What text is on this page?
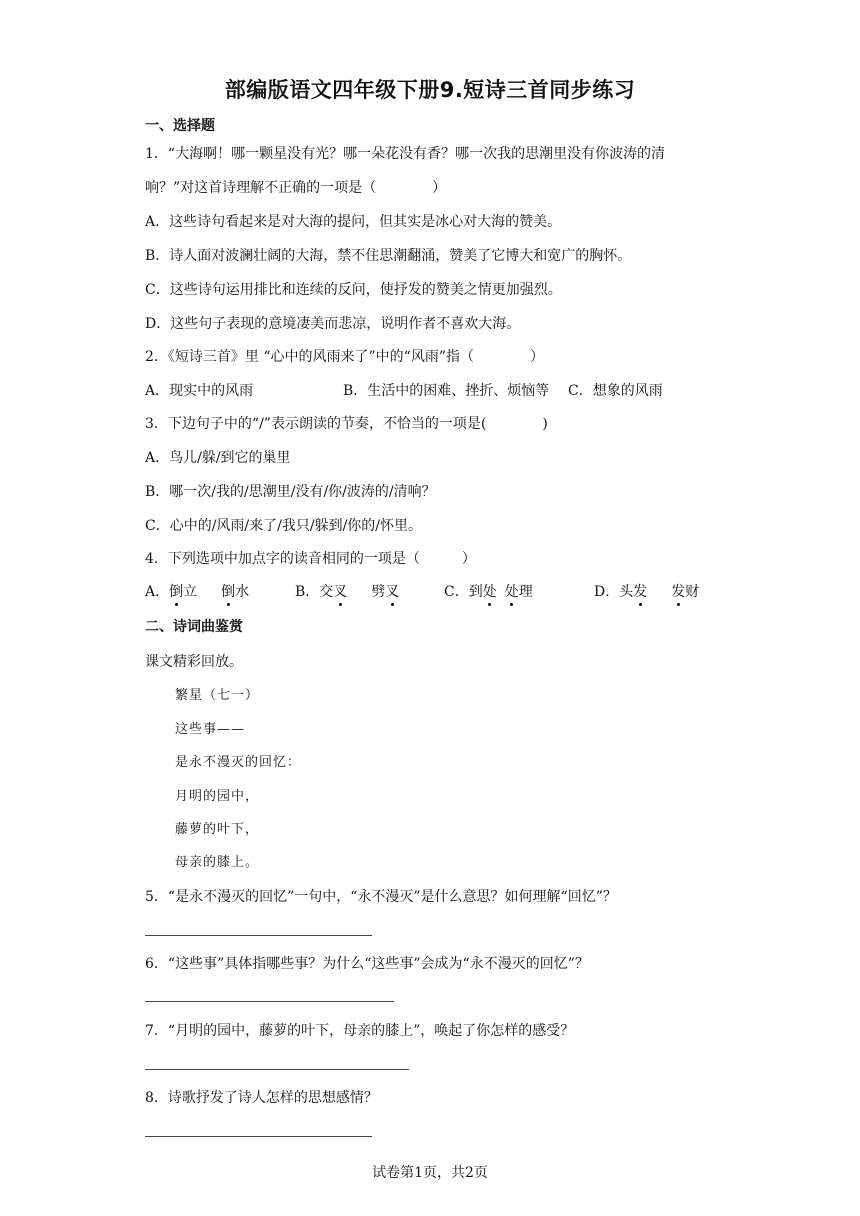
部编版语文四年级下册9.短诗三首同步练习
一、选择题
1．“大海啊！哪一颗星没有光？哪一朵花没有香？哪一次我的思潮里没有你波涛的清
响？”对这首诗理解不正确的一项是（　　　　）
A．这些诗句看起来是对大海的提问，但其实是冰心对大海的赞美。
B．诗人面对波澜壮阔的大海，禁不住思潮翻涌，赞美了它博大和宽广的胸怀。
C．这些诗句运用排比和连续的反问，使抒发的赞美之情更加强烈。
D．这些句子表现的意境凄美而悲凉，说明作者不喜欢大海。
2．《短诗三首》里 “心中的风雨来了”中的“风雨”指（　　　　）
A．现实中的风雨	B．生活中的困难、挫折、烦恼等 C．想象的风雨
3．下边句子中的“/”表示朗读的节奏，不恰当的一项是(　　　　)
A．鸟儿/躲/到它的巢里
B．哪一次/我的/思潮里/没有/你/波涛的/清响？
C．心中的/风雨/来了/我只/躲到/你的/怀里。
4．下列选项中加点字的读音相同的一项是（　　　）
A．倒立 倒水	B．交叉 劈叉	C．到处 处理	D．头发 发财
二、诗词曲鉴赏
课文精彩回放。
繁星（七一）
这些事——
是永不漫灭的回忆：
月明的园中，
藤萝的叶下，
母亲的膝上。
5．“是永不漫灭的回忆”一句中，“永不漫灭”是什么意思？如何理解“回忆”？
6．“这些事”具体指哪些事？为什么“这些事”会成为“永不漫灭的回忆”？
7．“月明的园中，藤萝的叶下，母亲的膝上”，唤起了你怎样的感受？
8．诗歌抒发了诗人怎样的思想感情？
试卷第1页，共2页
